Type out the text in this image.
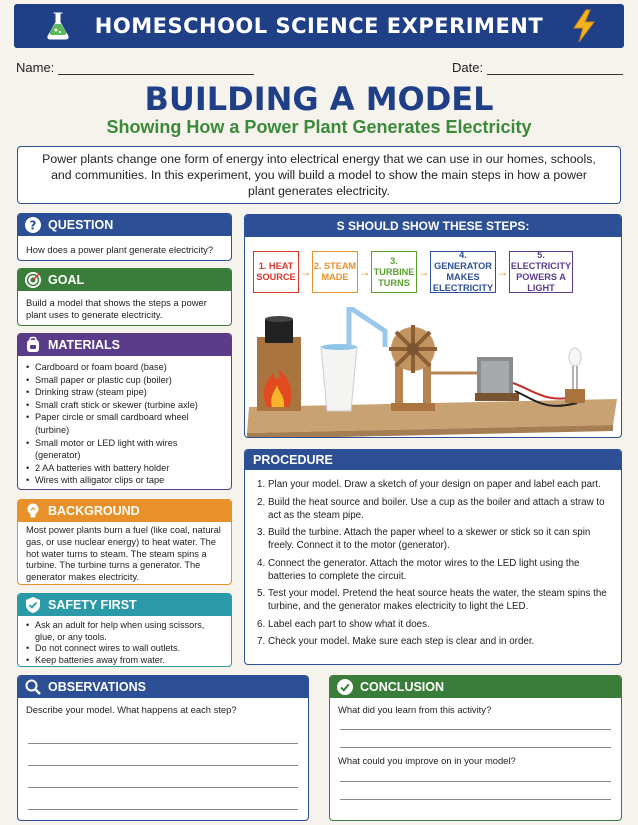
HOMESCHOOL SCIENCE EXPERIMENT
Name:	Date:
BUILDING A MODEL
Showing How a Power Plant Generates Electricity
Power plants change one form of energy into electrical energy that we can use in our homes, schools, and communities. In this experiment, you will build a model to show the main steps in how a power plant generates electricity.
? QUESTION
How does a power plant generate electricity?
GOAL
Build a model that shows the steps a power plant uses to generate electricity.
MATERIALS
• Cardboard or foam board (base)
• Small paper or plastic cup (boiler)
• Drinking straw (steam pipe)
• Small craft stick or skewer (turbine axle)
• Paper circle or small cardboard wheel (turbine)
• Small motor or LED light with wires (generator)
• 2 AA batteries with battery holder
• Wires with alligator clips or tape
•
BACKGROUND
Most power plants burn a fuel (like coal, natural gas, or use nuclear energy) to heat water. The hot water turns to steam. The steam spins a turbine. The turbine turns a generator. The generator makes electricity.
SAFETY FIRST
• Ask an adult for help when using scissors, glue, or any tools.
• Do not connect wires to wall outlets.
• Keep batteries away from water.
S SHOULD SHOW THESE STEPS:
1. HEAT SOURCE → 2. STEAM MADE →
3. TURBINE TURNS
→
4. GENERATOR MAKES ELECTRICITY
→
5. ELECTRICITY POWERS A LIGHT
PROCEDURE
1. Plan your model. Draw a sketch of your design on paper and label each part.
2. Build the heat source and boiler. Use a cup as the boiler and attach a straw to act as the steam pipe.
3. Build the turbine. Attach the paper wheel to a skewer or stick so it can spin freely. Connect it to the motor (generator).
4. Connect the generator. Attach the motor wires to the LED light using the batteries to complete the circuit.
5. Test your model. Pretend the heat source heats the water, the steam spins the turbine, and the generator makes electricity to light the LED.
6. Label each part to show what it does.
7. Check your model. Make sure each step is clear and in order.
OBSERVATIONS
Describe your model. What happens at each step?
CONCLUSION
What did you learn from this activity?
What could you improve on in your model?
